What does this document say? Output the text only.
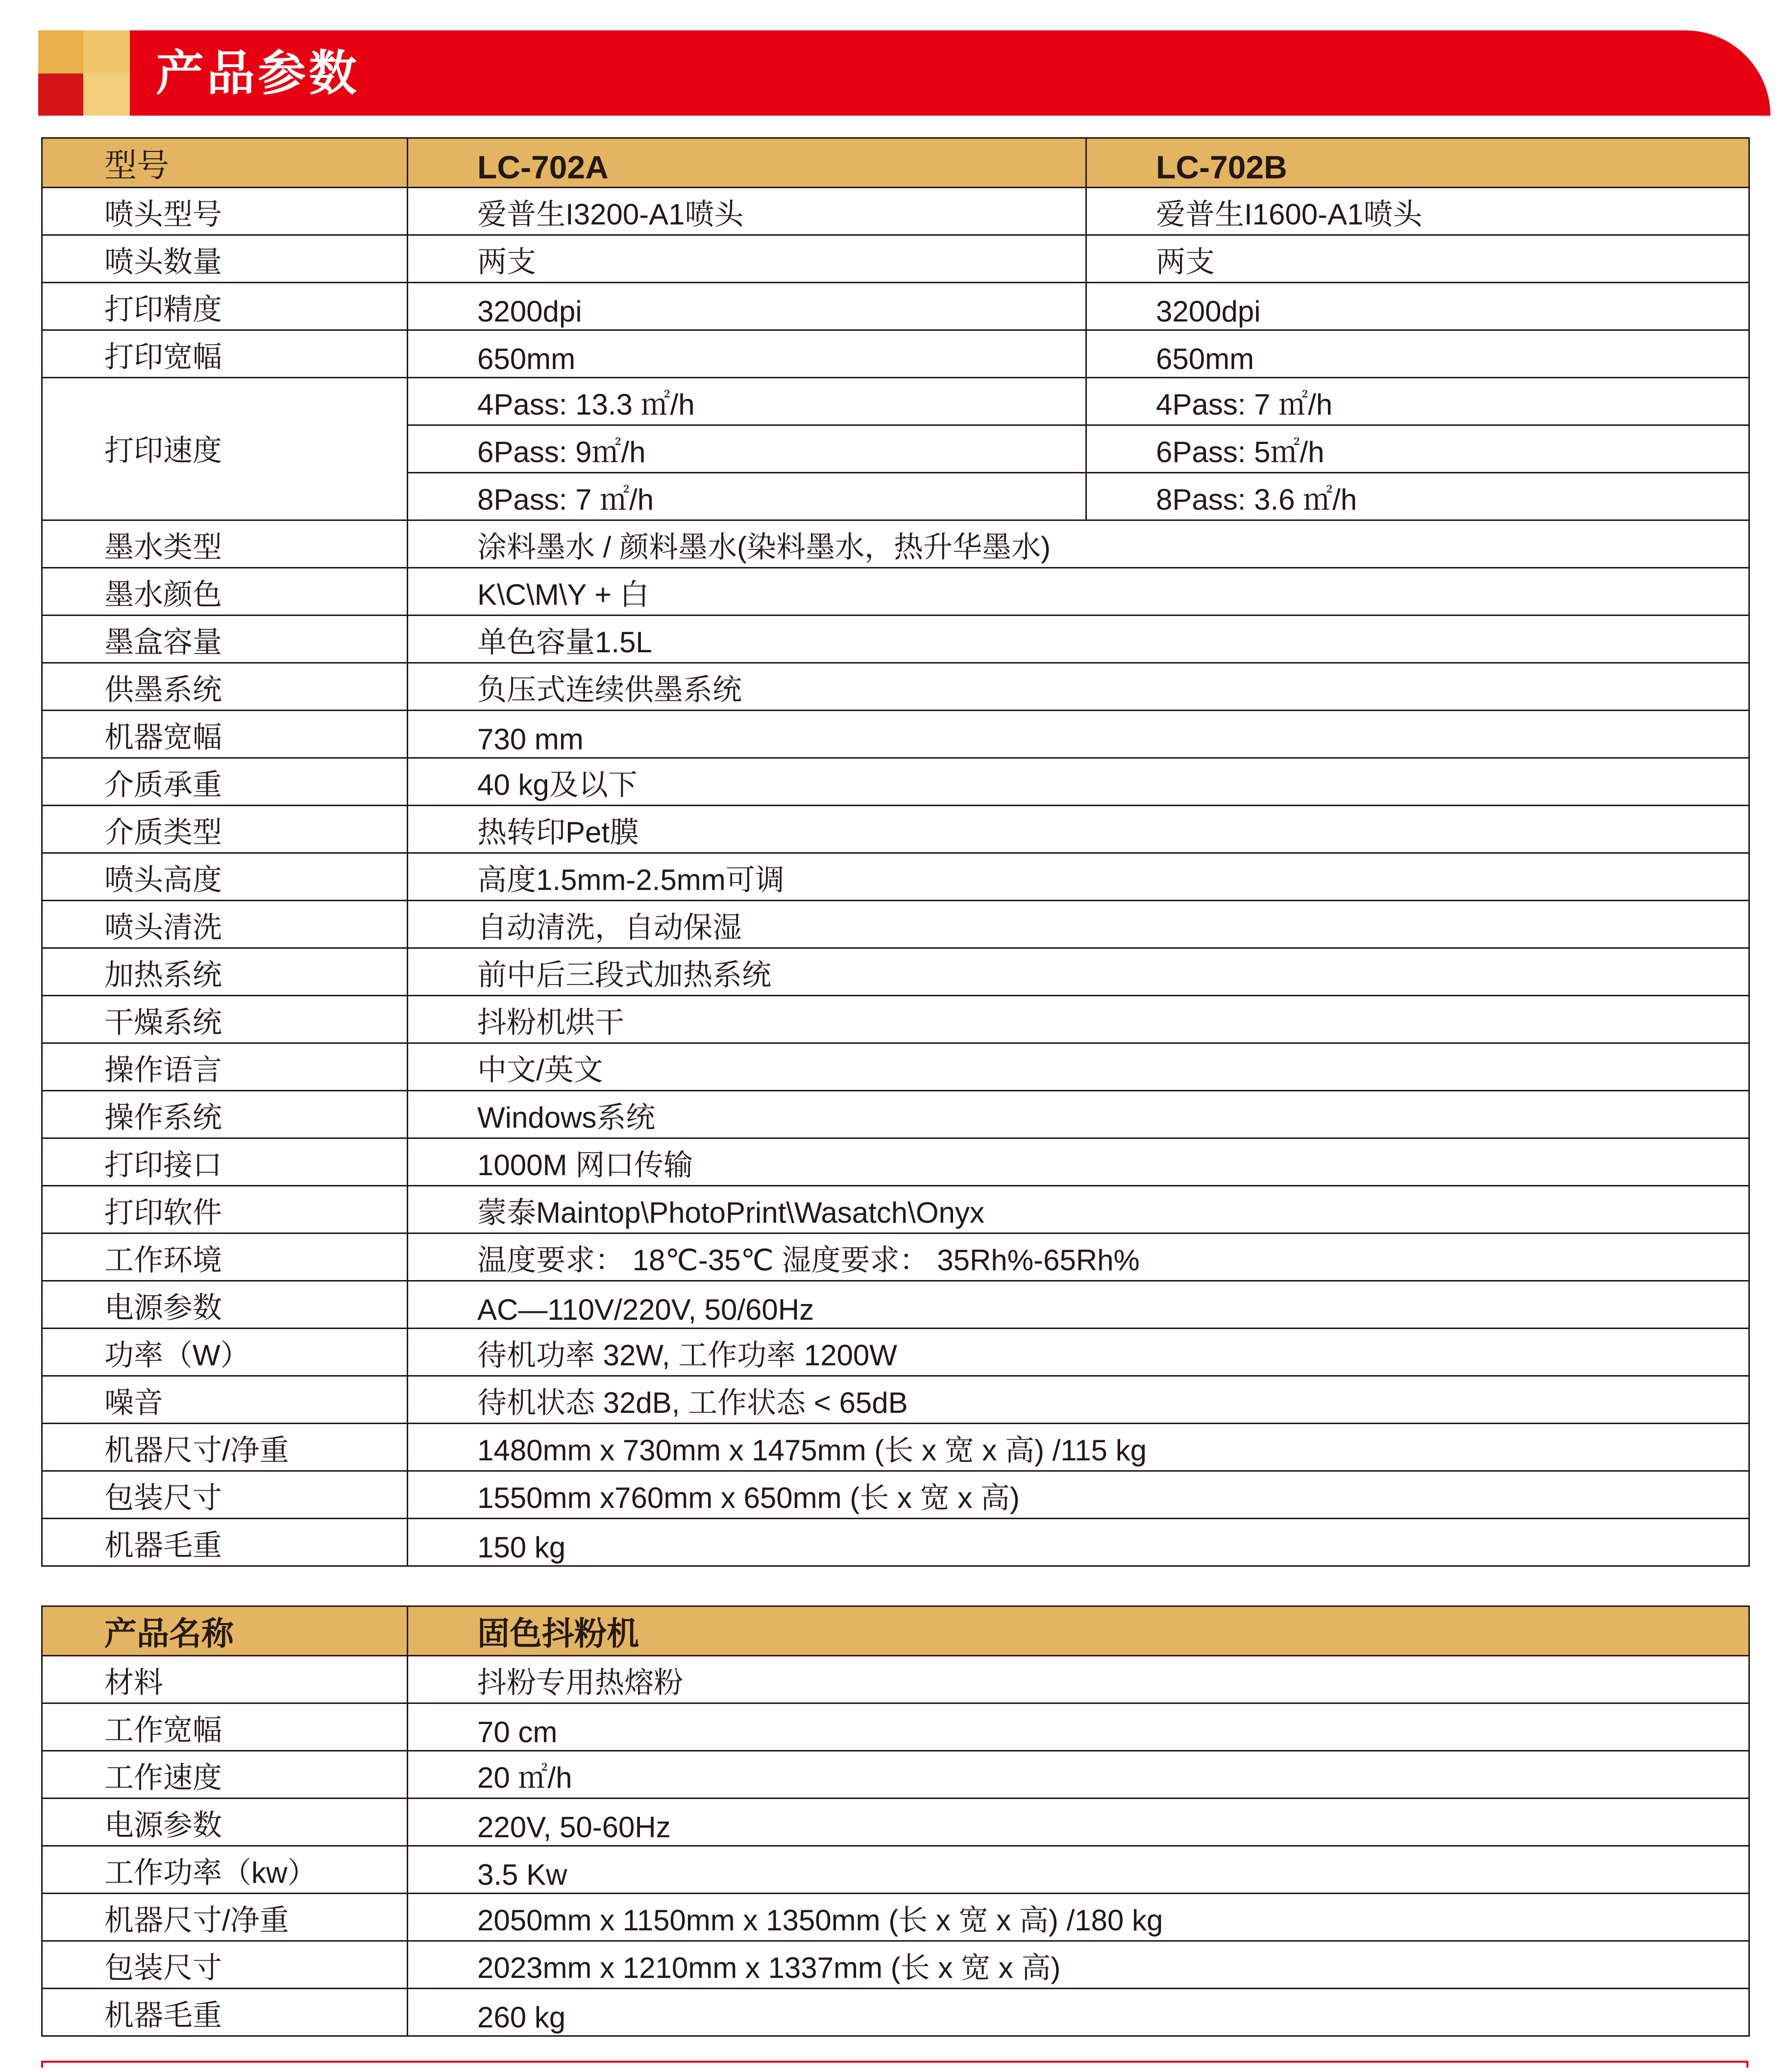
产品参数
型号	LC-702A	LC-702B
喷头型号	爱普生I3200-A1喷头	爱普生I1600-A1喷头
喷头数量	两支	两支
打印精度	3200dpi	3200dpi
打印宽幅	650mm	650mm
打印速度	4Pass: 13.3 ㎡/h	4Pass: 7 ㎡/h
	6Pass: 9㎡/h	6Pass: 5㎡/h
	8Pass: 7 ㎡/h	8Pass: 3.6 ㎡/h
墨水类型	涂料墨水 / 颜料墨水(染料墨水，热升华墨水)	
墨水颜色	K\C\M\Y + 白	
墨盒容量	单色容量1.5L	
供墨系统	负压式连续供墨系统	
机器宽幅	730 mm	
介质承重	40 kg及以下	
介质类型	热转印Pet膜	
喷头高度	高度1.5mm-2.5mm可调	
喷头清洗	自动清洗，自动保湿	
加热系统	前中后三段式加热系统	
干燥系统	抖粉机烘干	
操作语言	中文/英文	
操作系统	Windows系统	
打印接口	1000M 网口传输	
打印软件	蒙泰Maintop\PhotoPrint\Wasatch\Onyx	
工作环境	温度要求： 18℃-35℃ 湿度要求： 35Rh%-65Rh%	
电源参数	AC—110V/220V, 50/60Hz	
功率（W）	待机功率 32W, 工作功率 1200W	
噪音	待机状态 32dB, 工作状态 < 65dB	
机器尺寸/净重	1480mm x 730mm x 1475mm (长 x 宽 x 高) /115 kg	
包装尺寸	1550mm x760mm x 650mm (长 x 宽 x 高)	
机器毛重	150 kg	
产品名称	固色抖粉机
材料	抖粉专用热熔粉
工作宽幅	70 cm
工作速度	20 ㎡/h
电源参数	220V, 50-60Hz
工作功率（kw）	3.5 Kw
机器尺寸/净重	2050mm x 1150mm x 1350mm (长 x 宽 x 高) /180 kg
包装尺寸	2023mm x 1210mm x 1337mm (长 x 宽 x 高)
机器毛重	260 kg
